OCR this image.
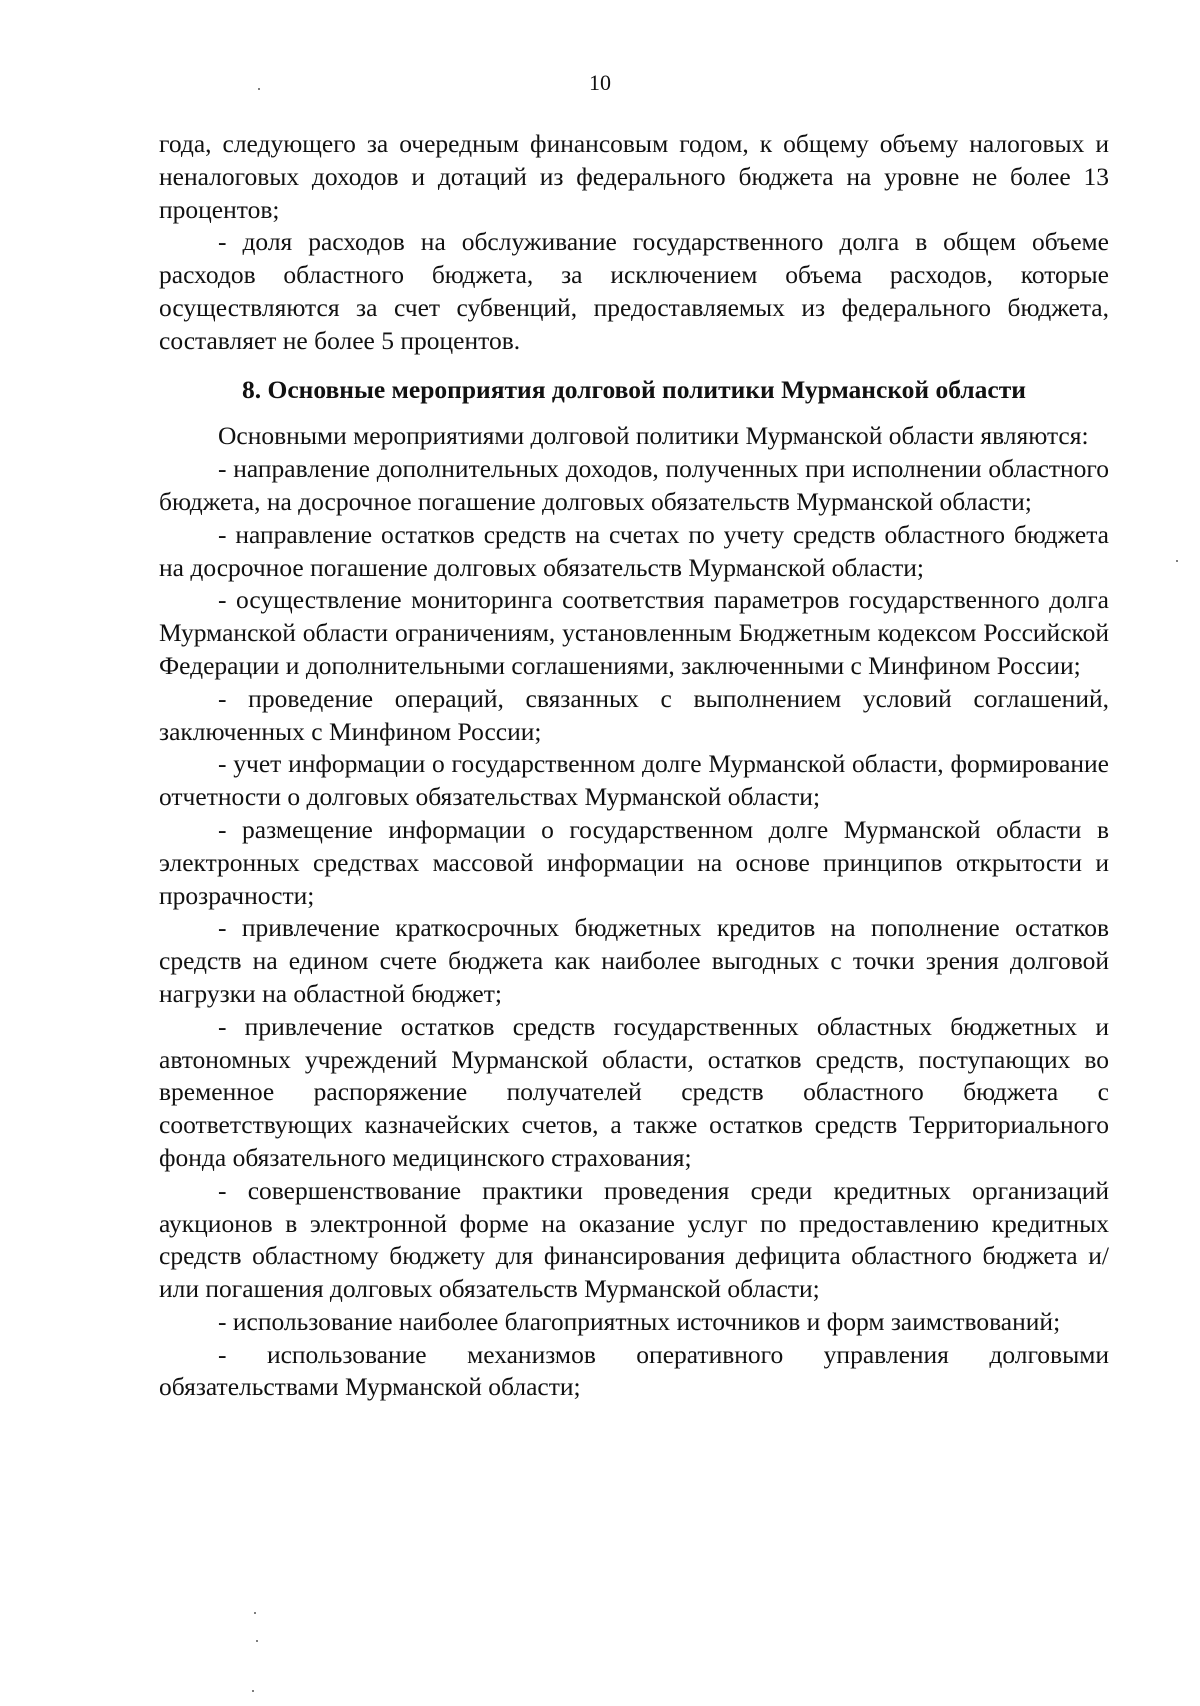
10

года, следующего за очередным финансовым годом, к общему объему налоговых и неналоговых доходов и дотаций из федерального бюджета на уровне не более 13 процентов;

- доля расходов на обслуживание государственного долга в общем объеме расходов областного бюджета, за исключением объема расходов, которые осуществляются за счет субвенций, предоставляемых из федерального бюджета, составляет не более 5 процентов.

8. Основные мероприятия долговой политики Мурманской области

Основными мероприятиями долговой политики Мурманской области являются:

- направление дополнительных доходов, полученных при исполнении областного бюджета, на досрочное погашение долговых обязательств Мурманской области;

- направление остатков средств на счетах по учету средств областного бюджета на досрочное погашение долговых обязательств Мурманской области;

- осуществление мониторинга соответствия параметров государственного долга Мурманской области ограничениям, установленным Бюджетным кодексом Российской Федерации и дополнительными соглашениями, заключенными с Минфином России;

- проведение операций, связанных с выполнением условий соглашений, заключенных с Минфином России;

- учет информации о государственном долге Мурманской области, формирование отчетности о долговых обязательствах Мурманской области;

- размещение информации о государственном долге Мурманской области в электронных средствах массовой информации на основе принципов открытости и прозрачности;

- привлечение краткосрочных бюджетных кредитов на пополнение остатков средств на едином счете бюджета как наиболее выгодных с точки зрения долговой нагрузки на областной бюджет;

- привлечение остатков средств государственных областных бюджетных и автономных учреждений Мурманской области, остатков средств, поступающих во временное распоряжение получателей средств областного бюджета с соответствующих казначейских счетов, а также остатков средств Территориального фонда обязательного медицинского страхования;

- совершенствование практики проведения среди кредитных организаций аукционов в электронной форме на оказание услуг по предоставлению кредитных средств областному бюджету для финансирования дефицита областного бюджета и/или погашения долговых обязательств Мурманской области;

- использование наиболее благоприятных источников и форм заимствований;

- использование механизмов оперативного управления долговыми обязательствами Мурманской области;
